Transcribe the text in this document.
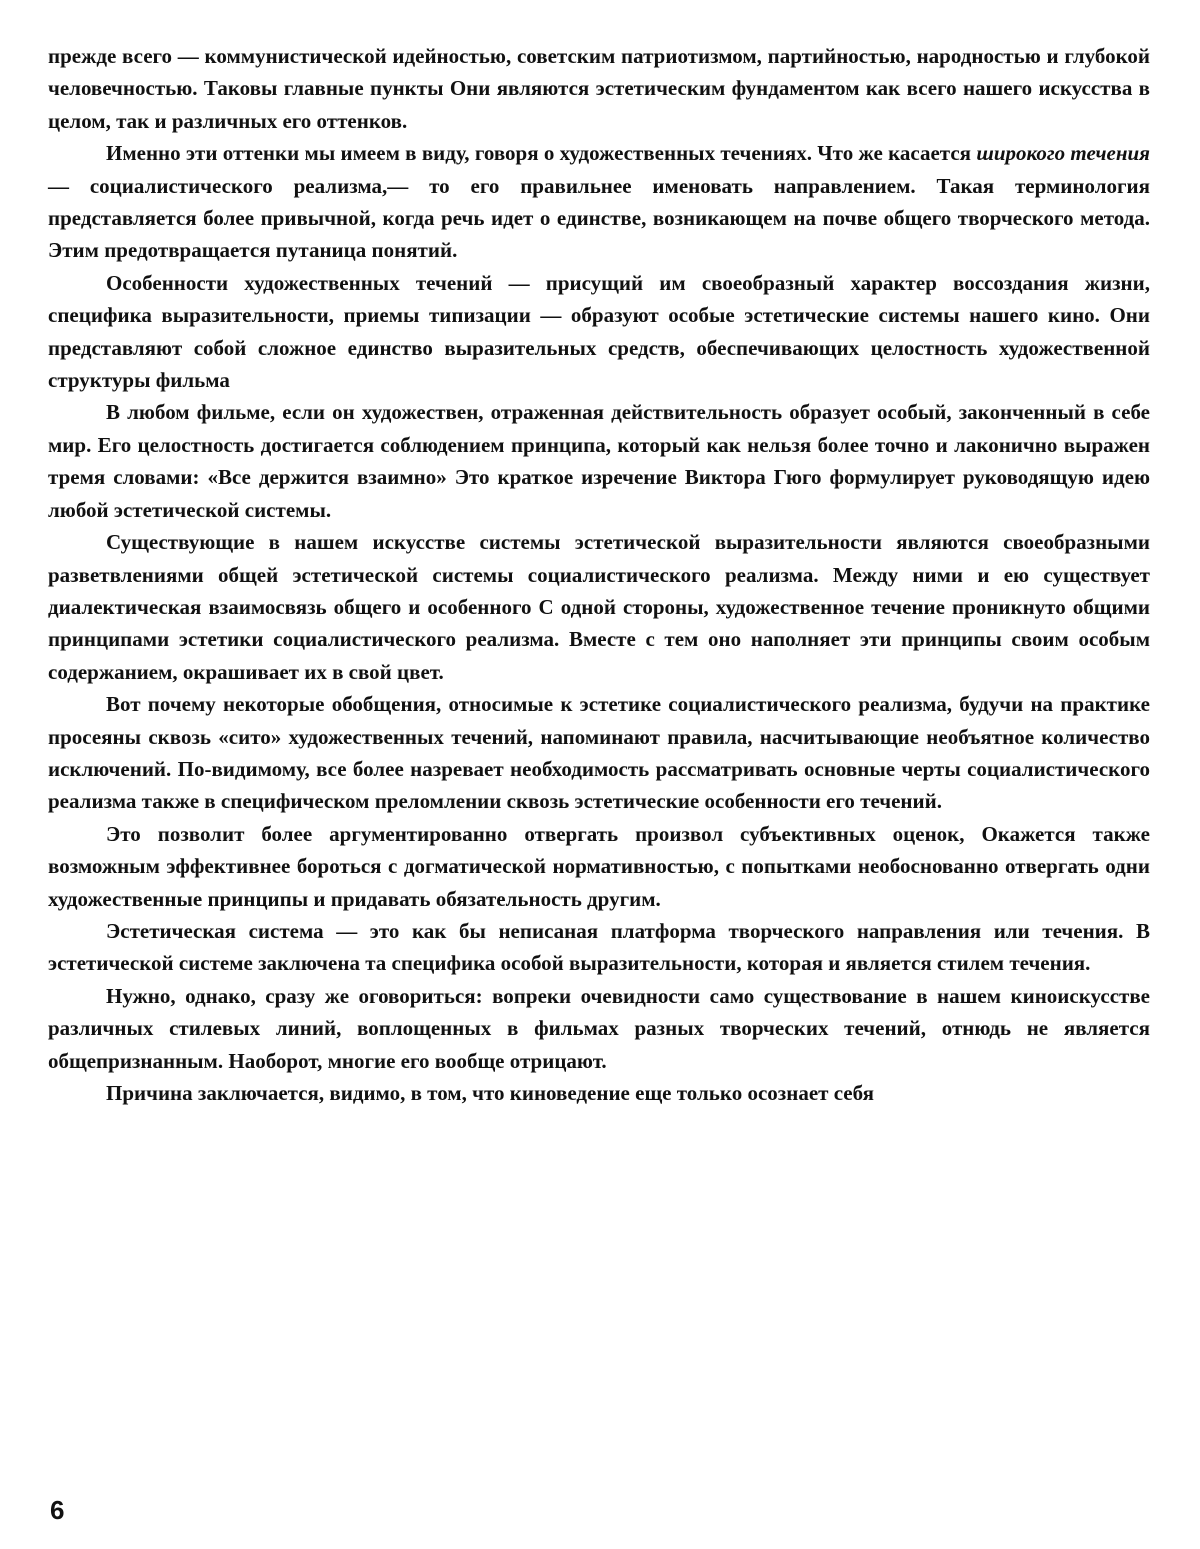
прежде всего — коммунистической идейностью, советским патриотизмом, партийностью, народностью и глубокой человечностью. Таковы главные пункты Они являются эстетическим фундаментом как всего нашего искусства в целом, так и различных его оттенков.

Именно эти оттенки мы имеем в виду, говоря о художественных течениях. Что же касается широкого течения — социалистического реализма,— то его правильнее именовать направлением. Такая терминология представляется более привычной, когда речь идет о единстве, возникающем на почве общего творческого метода. Этим предотвращается путаница понятий.

Особенности художественных течений — присущий им своеобразный характер воссоздания жизни, специфика выразительности, приемы типизации — образуют особые эстетические системы нашего кино. Они представляют собой сложное единство выразительных средств, обеспечивающих целостность художественной структуры фильма

В любом фильме, если он художествен, отраженная действительность образует особый, законченный в себе мир. Его целостность достигается соблюдением принципа, который как нельзя более точно и лаконично выражен тремя словами: «Все держится взаимно» Это краткое изречение Виктора Гюго формулирует руководящую идею любой эстетической системы.

Существующие в нашем искусстве системы эстетической выразительности являются своеобразными разветвлениями общей эстетической системы социалистического реализма. Между ними и ею существует диалектическая взаимосвязь общего и особенного С одной стороны, художественное течение проникнуто общими принципами эстетики социалистического реализма. Вместе с тем оно наполняет эти принципы своим особым содержанием, окрашивает их в свой цвет.

Вот почему некоторые обобщения, относимые к эстетике социалистического реализма, будучи на практике просеяны сквозь «сито» художественных течений, напоминают правила, насчитывающие необъятное количество исключений. По-видимому, все более назревает необходимость рассматривать основные черты социалистического реализма также в специфическом преломлении сквозь эстетические особенности его течений.

Это позволит более аргументированно отвергать произвол субъективных оценок, Окажется также возможным эффективнее бороться с догматической нормативностью, с попытками необоснованно отвергать одни художественные принципы и придавать обязательность другим.

Эстетическая система — это как бы неписаная платформа творческого направления или течения. В эстетической системе заключена та специфика особой выразительности, которая и является стилем течения.

Нужно, однако, сразу же оговориться: вопреки очевидности само существование в нашем киноискусстве различных стилевых линий, воплощенных в фильмах разных творческих течений, отнюдь не является общепризнанным. Наоборот, многие его вообще отрицают.

Причина заключается, видимо, в том, что киноведение еще только осознает себя

6
